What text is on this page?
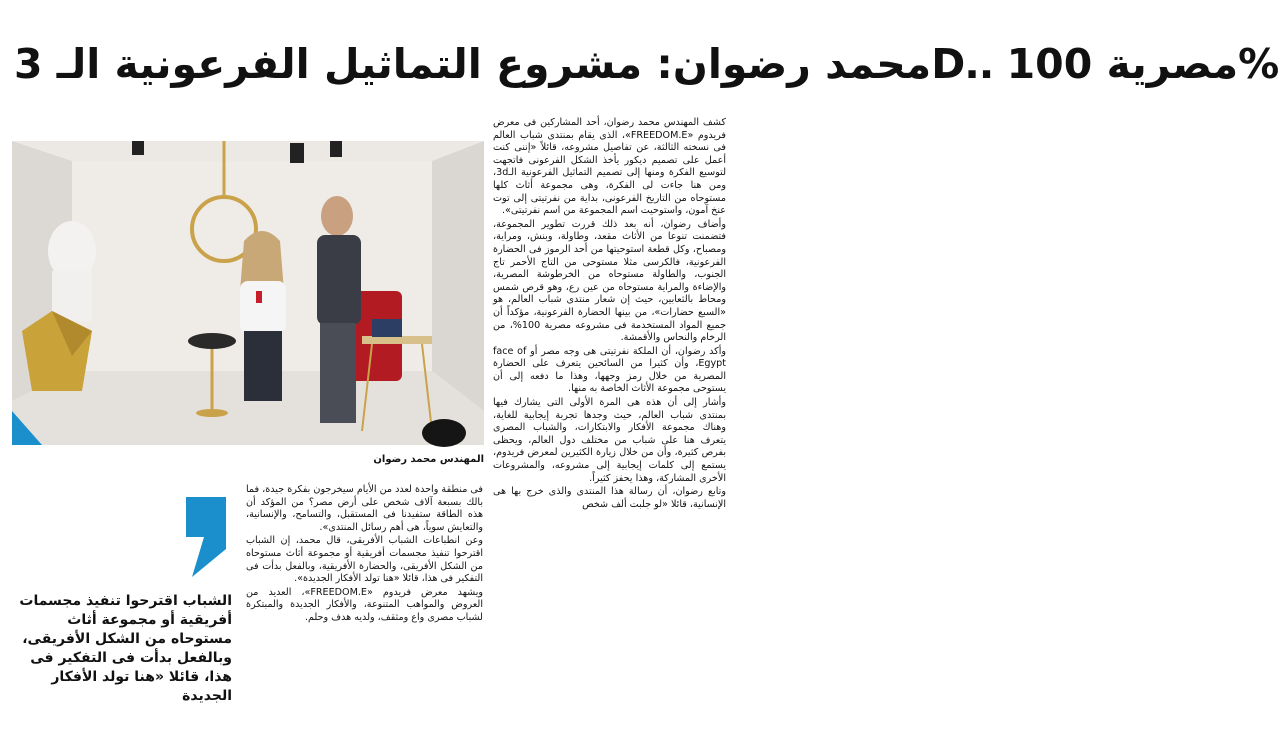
محمد رضوان: مشروع التماثيل الفرعونية الـ 3D.. مصرية 100%

كشف المهندس محمد رضوان، أحد المشاركين فى معرض فريدوم «FREEDOM.E»، الذى يقام بمنتدى شباب العالم فى نسخته الثالثة، عن تفاصيل مشروعه، قائلاً «إننى كنت أعمل على تصميم ديكور يأخذ الشكل الفرعونى فاتجهت لتوسيع الفكرة ومنها إلى تصميم التماثيل الفرعونية الـ3d، ومن هنا جاءت لى الفكرة، وهى مجموعة أثاث كلها مستوحاه من التاريخ الفرعونى، بداية من نفرتيتى إلى توت عنخ آمون، واستوحيت اسم المجموعة من اسم نفرتيتى».

وأضاف رضوان، أنه بعد ذلك قررت تطوير المجموعة، فتضمنت تنوعا من الأثاث مقعد، وطاولة، وبنش، ومراية، ومصباح، وكل قطعة استوحيتها من أحد الرموز فى الحضارة الفرعونية، فالكرسى مثلا مستوحى من التاج الأحمر تاج الجنوب، والطاولة مستوحاه من الخرطوشة المصرية، والإضاءة والمراية مستوحاه من عين رع، وهو قرص شمس ومحاط بالثعابين، حيث إن شعار منتدى شباب العالم، هو «السبع حضارات»، من بينها الحضارة الفرعونية، مؤكداً أن جميع المواد المستخدمة فى مشروعه مصرية 100%، من الرخام والنحاس والأقمشة.

وأكد رضوان، أن الملكة نفرتيتى هى وجه مصر أو face of Egypt، وأن كثيرا من السائحين يتعرف على الحضارة المصرية من خلال رمز وجهها، وهذا ما دفعه إلى أن يستوحى مجموعة الأثاث الخاصة به منها.

وأشار إلى أن هذه هى المرة الأولى التى يشارك فيها بمنتدى شباب العالم، حيث وجدها تجربة إيجابية للغاية، وهناك مجموعة الأفكار والابتكارات، والشباب المصرى يتعرف هنا على شباب من مختلف دول العالم، ويحظى بفرص كثيرة، وأن من خلال زيارة الكثيرين لمعرض فريدوم، يستمع إلى كلمات إيجابية إلى مشروعه، والمشروعات الأخرى المشاركة، وهذا يحفز كثيراً.

وتابع رضوان، أن رسالة هذا المنتدى والذى خرج بها هى الإنسانية، قائلا «لو جلبت ألف شخص

المهندس محمد رضوان

فى منطقة واحدة لعدد من الأيام سيخرجون بفكرة جيدة، فما بالك بسبعة آلاف شخص على أرض مصر؟ من المؤكد أن هذه الطاقة ستفيدنا فى المستقبل، والتسامح، والإنسانية، والتعايش سوياً، هى أهم رسائل المنتدى».

وعن انطباعات الشباب الأفريقى، قال محمد، إن الشباب اقترحوا تنفيذ مجسمات أفريقية أو مجموعة أثاث مستوحاه من الشكل الأفريقى، والحضارة الأفريقية، وبالفعل بدأت فى التفكير فى هذا، قائلا «هنا تولد الأفكار الجديدة».

ويشهد معرض فريدوم «FREEDOM.E»، العديد من العروض والمواهب المتنوعة، والأفكار الجديدة والمبتكرة لشباب مصرى واع ومثقف، ولديه هدف وحلم.

الشباب اقترحوا تنفيذ مجسمات أفريقية أو مجموعة أثاث مستوحاه من الشكل الأفريقى، وبالفعل بدأت فى التفكير فى هذا، قائلا «هنا تولد الأفكار الجديدة
